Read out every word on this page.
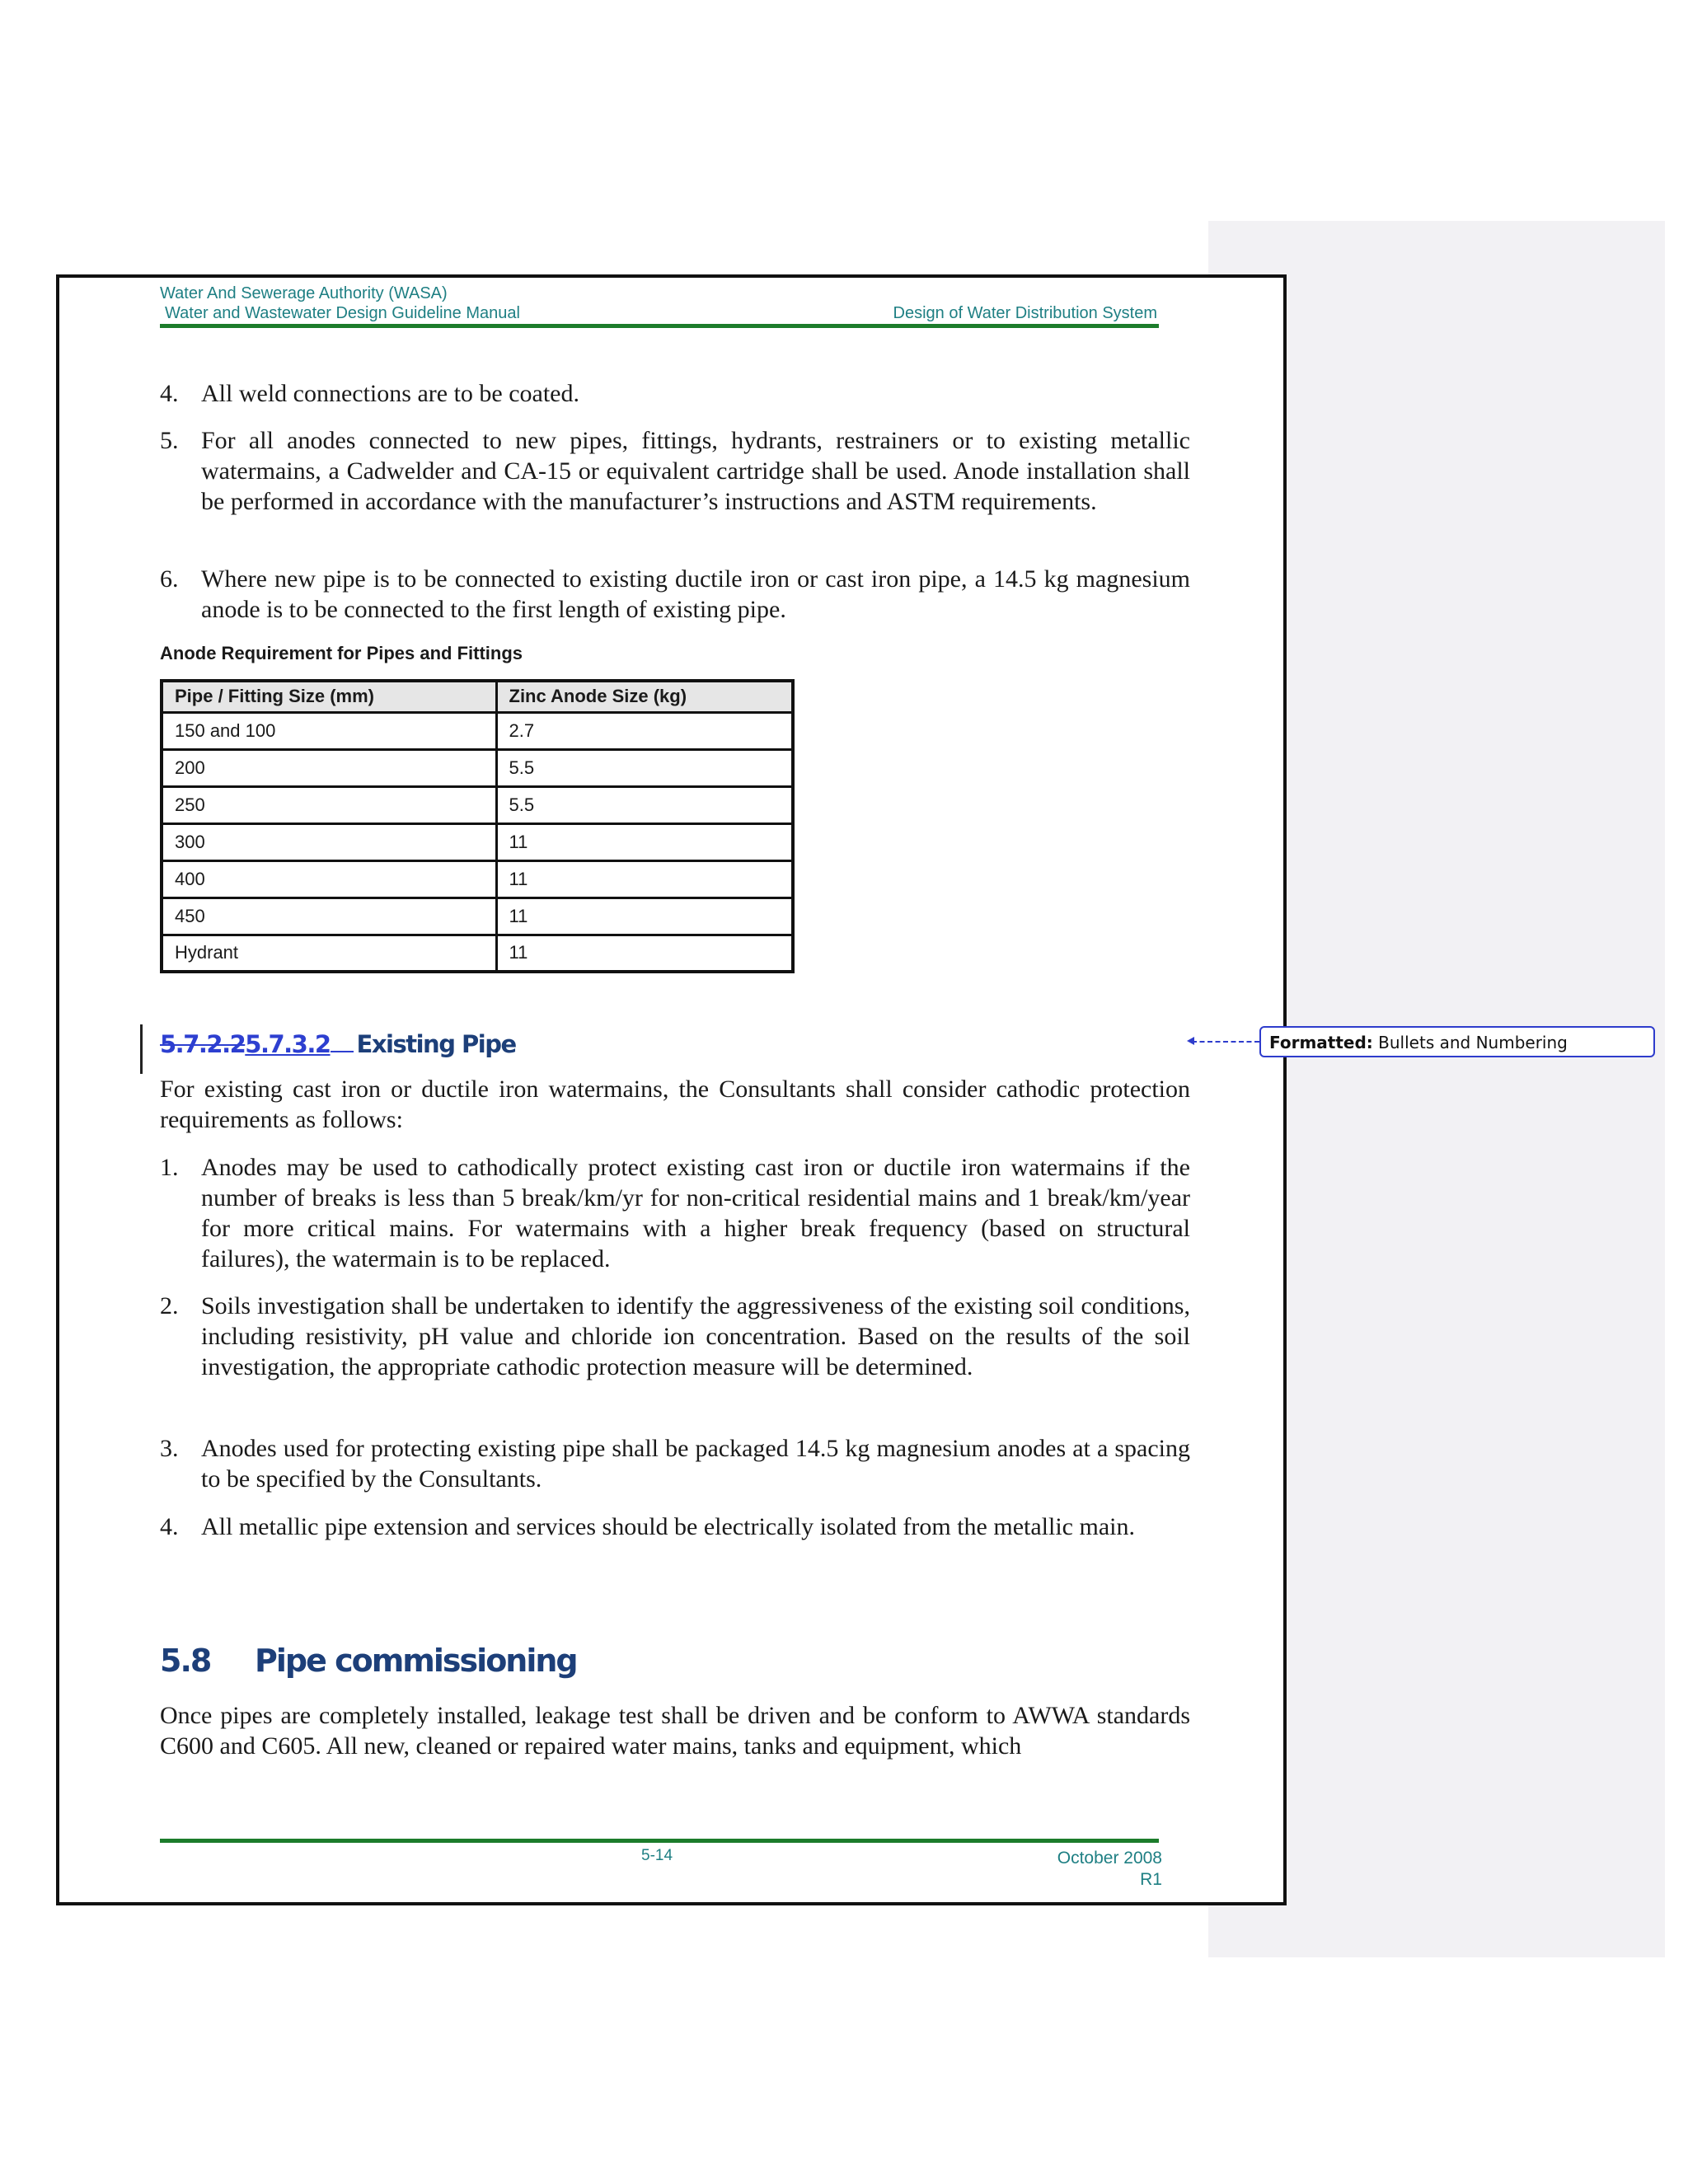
Water And Sewerage Authority (WASA)
Water and Wastewater Design Guideline Manual	Design of Water Distribution System
4. All weld connections are to be coated.
5. For all anodes connected to new pipes, fittings, hydrants, restrainers or to existing metallic watermains, a Cadwelder and CA-15 or equivalent cartridge shall be used. Anode installation shall be performed in accordance with the manufacturer’s instructions and ASTM requirements.
6. Where new pipe is to be connected to existing ductile iron or cast iron pipe, a 14.5 kg magnesium anode is to be connected to the first length of existing pipe.
Anode Requirement for Pipes and Fittings
Pipe / Fitting Size (mm)	Zinc Anode Size (kg)
150 and 100	2.7
200	5.5
250	5.5
300	11
400	11
450	11
Hydrant	11
5.7.2.25.7.3.2 Existing Pipe	Formatted: Bullets and Numbering
For existing cast iron or ductile iron watermains, the Consultants shall consider cathodic protection requirements as follows:
1. Anodes may be used to cathodically protect existing cast iron or ductile iron watermains if the number of breaks is less than 5 break/km/yr for non-critical residential mains and 1 break/km/year for more critical mains. For watermains with a higher break frequency (based on structural failures), the watermain is to be replaced.
2. Soils investigation shall be undertaken to identify the aggressiveness of the existing soil conditions, including resistivity, pH value and chloride ion concentration. Based on the results of the soil investigation, the appropriate cathodic protection measure will be determined.
3. Anodes used for protecting existing pipe shall be packaged 14.5 kg magnesium anodes at a spacing to be specified by the Consultants.
4. All metallic pipe extension and services should be electrically isolated from the metallic main.
5.8 Pipe commissioning
Once pipes are completely installed, leakage test shall be driven and be conform to AWWA standards C600 and C605. All new, cleaned or repaired water mains, tanks and equipment, which
5-14	October 2008
R1
